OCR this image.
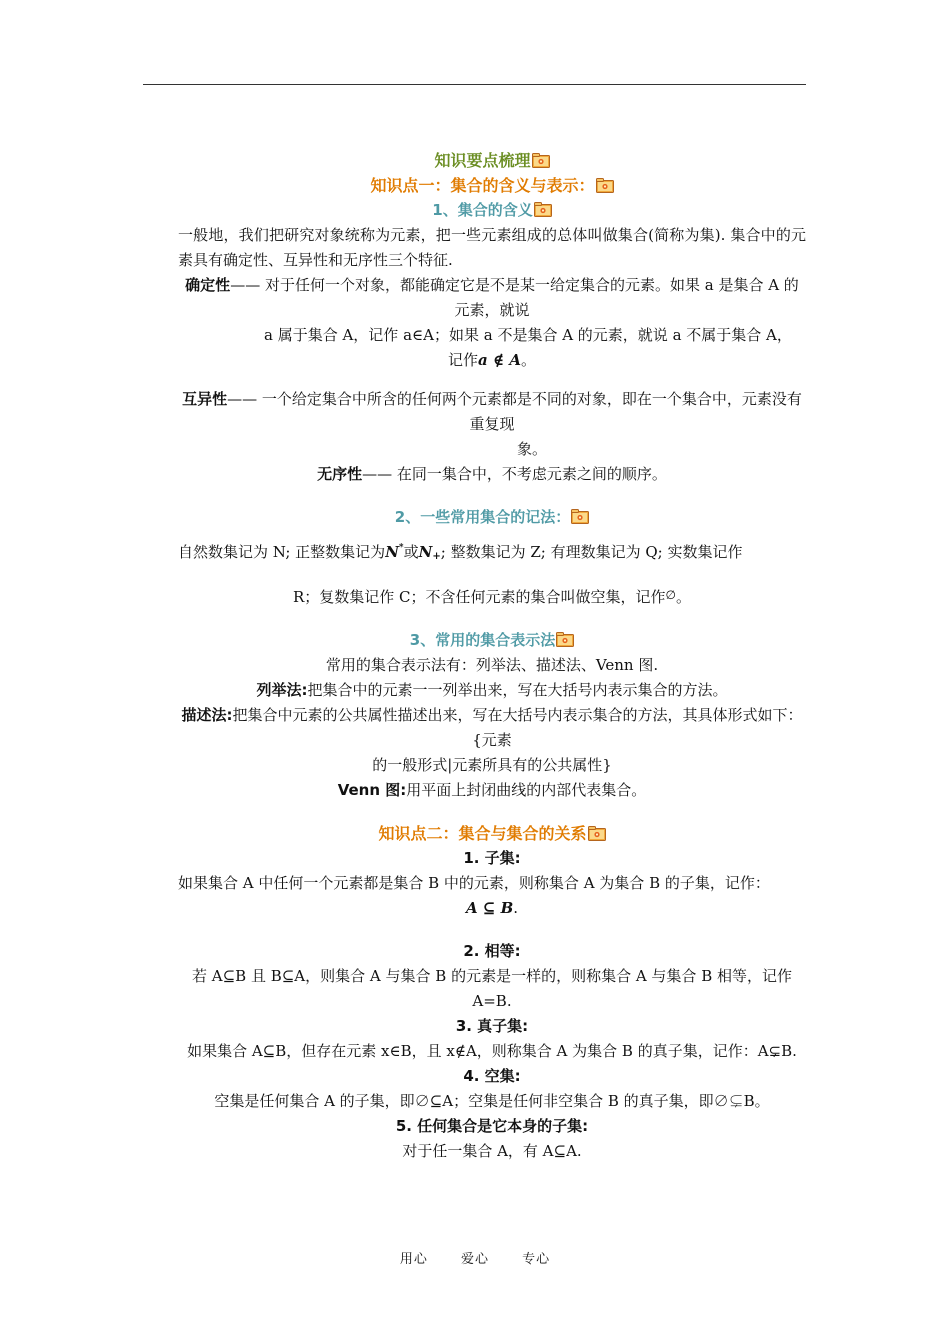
知识要点梳理
知识点一：集合的含义与表示：
1、集合的含义
一般地，我们把研究对象统称为元素，把一些元素组成的总体叫做集合(简称为集). 集合中的元素具有确定性、互异性和无序性三个特征.
确定性—— 对于任何一个对象，都能确定它是不是某一给定集合的元素。如果 a 是集合 A 的元素，就说
a 属于集合 A，记作 a∈A；如果 a 不是集合 A 的元素，就说 a 不属于集合 A，
记作a ∉ A。
互异性—— 一个给定集合中所含的任何两个元素都是不同的对象，即在一个集合中，元素没有重复现
象。
无序性—— 在同一集合中，不考虑元素之间的顺序。
2、一些常用集合的记法：
自然数集记为 N; 正整数集记为N*或N+; 整数集记为 Z; 有理数集记为 Q; 实数集记作
R；复数集记作 C；不含任何元素的集合叫做空集，记作∅。
3、常用的集合表示法
常用的集合表示法有：列举法、描述法、Venn 图.
列举法:把集合中的元素一一列举出来，写在大括号内表示集合的方法。
描述法:把集合中元素的公共属性描述出来，写在大括号内表示集合的方法，其具体形式如下：{元素
的一般形式|元素所具有的公共属性}
Venn 图:用平面上封闭曲线的内部代表集合。
知识点二：集合与集合的关系
1. 子集:
如果集合 A 中任何一个元素都是集合 B 中的元素，则称集合 A 为集合 B 的子集，记作：
A ⊆ B.
2. 相等:
若 A⊆B 且 B⊆A，则集合 A 与集合 B 的元素是一样的，则称集合 A 与集合 B 相等，记作 A=B.
3. 真子集:
如果集合 A⊆B，但存在元素 x∈B，且 x∉A，则称集合 A 为集合 B 的真子集，记作：A⊊B.
4. 空集:
空集是任何集合 A 的子集，即∅⊆A；空集是任何非空集合 B 的真子集，即∅⊊B。
5. 任何集合是它本身的子集:
对于任一集合 A，有 A⊆A.
用心	爱心	专心
